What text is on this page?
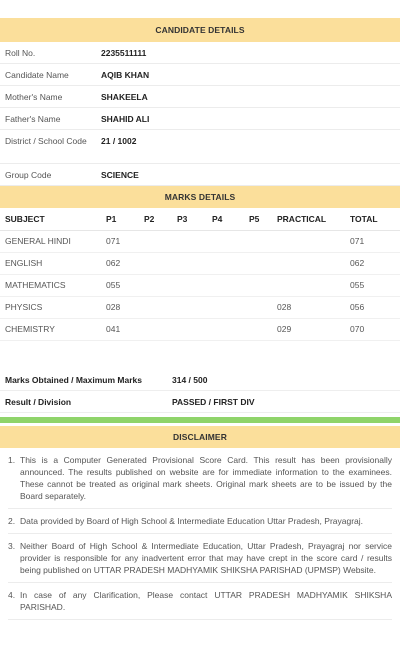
CANDIDATE DETAILS
Roll No.	2235511111
Candidate Name	AQIB KHAN
Mother's Name	SHAKEELA
Father's Name	SHAHID ALI
District / School Code	21 / 1002
Group Code	SCIENCE
MARKS DETAILS
SUBJECT	P1	P2	P3	P4	P5	PRACTICAL	TOTAL
GENERAL HINDI	071						071
ENGLISH	062						062
MATHEMATICS	055						055
PHYSICS	028					028	056
CHEMISTRY	041					029	070
Marks Obtained / Maximum Marks	314 / 500
Result / Division	PASSED / FIRST DIV
DISCLAIMER
1. This is a Computer Generated Provisional Score Card. This result has been provisionally announced. The results published on website are for immediate information to the examinees. These cannot be treated as original mark sheets. Original mark sheets are to be issued by the Board separately.
2. Data provided by Board of High School & Intermediate Education Uttar Pradesh, Prayagraj.
3. Neither Board of High School & Intermediate Education, Uttar Pradesh, Prayagraj nor service provider is responsible for any inadvertent error that may have crept in the score card / results being published on UTTAR PRADESH MADHYAMIK SHIKSHA PARISHAD (UPMSP) Website.
4. In case of any Clarification, Please contact UTTAR PRADESH MADHYAMIK SHIKSHA PARISHAD.
